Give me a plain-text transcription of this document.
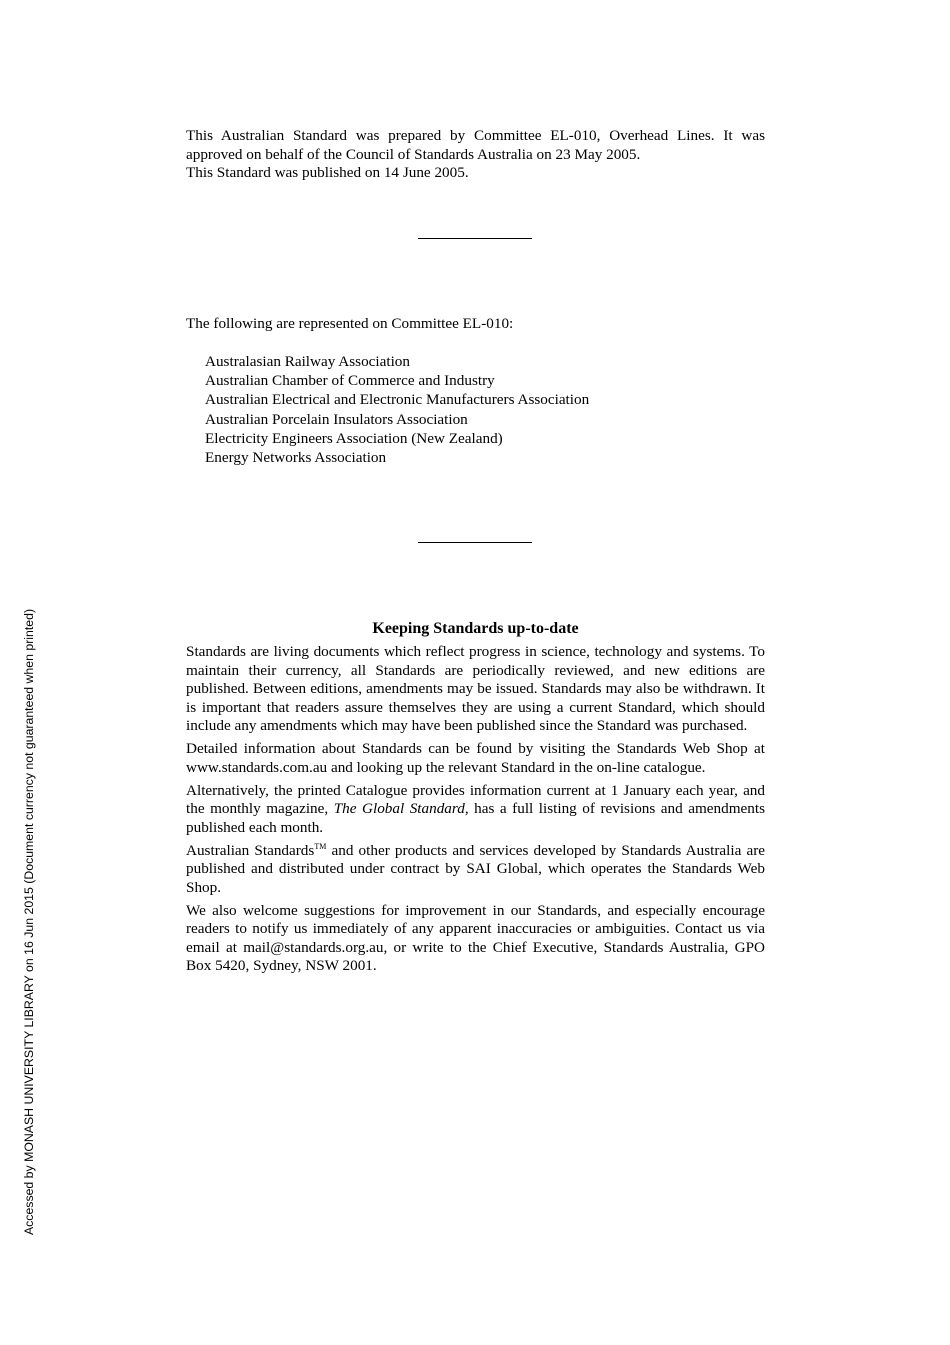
This Australian Standard was prepared by Committee EL-010, Overhead Lines. It was approved on behalf of the Council of Standards Australia on 23 May 2005.
This Standard was published on 14 June 2005.
The following are represented on Committee EL-010:
Australasian Railway Association
Australian Chamber of Commerce and Industry
Australian Electrical and Electronic Manufacturers Association
Australian Porcelain Insulators Association
Electricity Engineers Association (New Zealand)
Energy Networks Association
Keeping Standards up-to-date

Standards are living documents which reflect progress in science, technology and systems. To maintain their currency, all Standards are periodically reviewed, and new editions are published. Between editions, amendments may be issued. Standards may also be withdrawn. It is important that readers assure themselves they are using a current Standard, which should include any amendments which may have been published since the Standard was purchased.

Detailed information about Standards can be found by visiting the Standards Web Shop at www.standards.com.au and looking up the relevant Standard in the on-line catalogue.

Alternatively, the printed Catalogue provides information current at 1 January each year, and the monthly magazine, The Global Standard, has a full listing of revisions and amendments published each month.

Australian Standards™ and other products and services developed by Standards Australia are published and distributed under contract by SAI Global, which operates the Standards Web Shop.

We also welcome suggestions for improvement in our Standards, and especially encourage readers to notify us immediately of any apparent inaccuracies or ambiguities. Contact us via email at mail@standards.org.au, or write to the Chief Executive, Standards Australia, GPO Box 5420, Sydney, NSW 2001.

Accessed by MONASH UNIVERSITY LIBRARY on 16 Jun 2015 (Document currency not guaranteed when printed)
